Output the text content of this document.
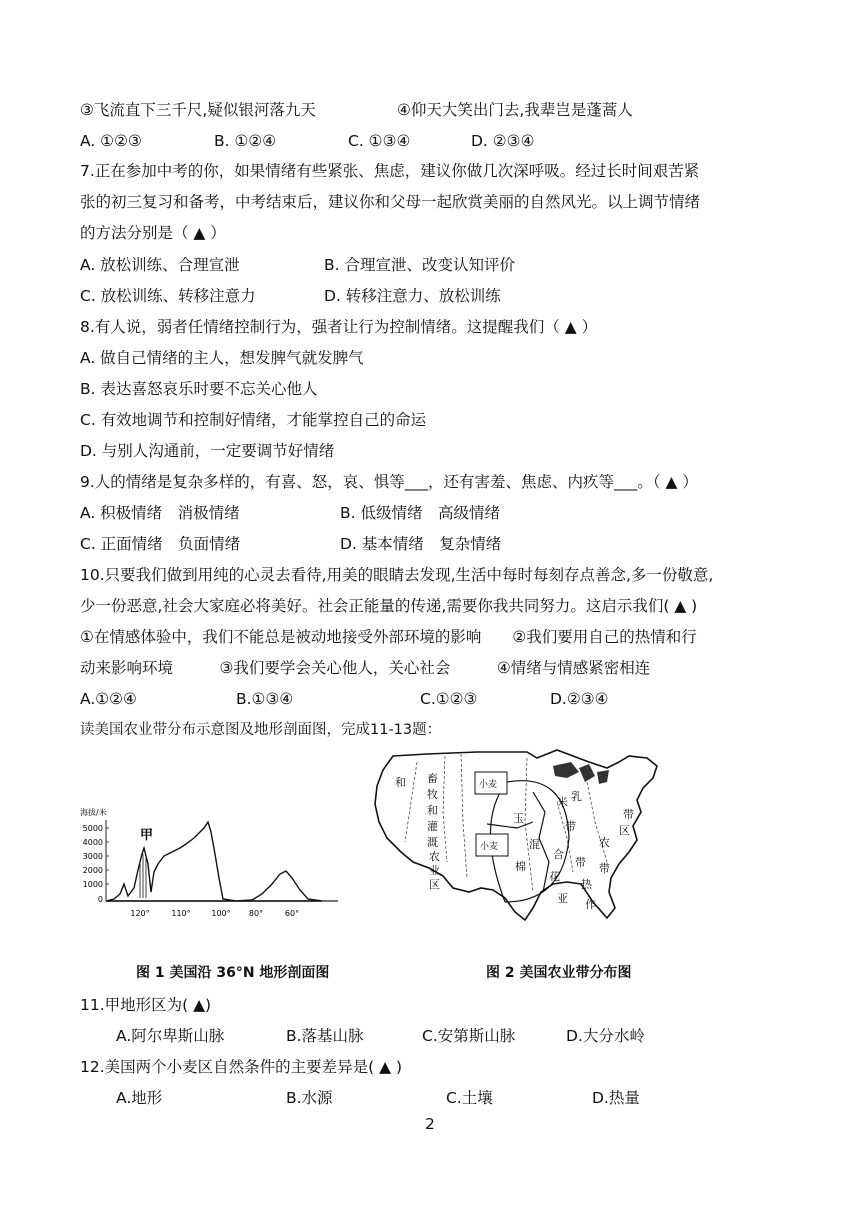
③飞流直下三千尺,疑似银河落九天	④仰天大笑出门去,我辈岂是蓬蒿人
A. ①②③	B. ①②④	C. ①③④	D. ②③④
7.正在参加中考的你，如果情绪有些紧张、焦虑，建议你做几次深呼吸。经过长时间艰苦紧
张的初三复习和备考，中考结束后，建议你和父母一起欣赏美丽的自然风光。以上调节情绪
的方法分别是（ ▲ ）
A. 放松训练、合理宣泄	B. 合理宣泄、改变认知评价
C. 放松训练、转移注意力	D. 转移注意力、放松训练
8.有人说，弱者任情绪控制行为，强者让行为控制情绪。这提醒我们（ ▲ ）
A. 做自己情绪的主人，想发脾气就发脾气
B. 表达喜怒哀乐时要不忘关心他人
C. 有效地调节和控制好情绪，才能掌控自己的命运
D. 与别人沟通前，一定要调节好情绪
9.人的情绪是复杂多样的，有喜、怒，哀、惧等___，还有害羞、焦虑、内疚等___。（ ▲ ）
A. 积极情绪　消极情绪	B. 低级情绪　高级情绪
C. 正面情绪　负面情绪	D. 基本情绪　复杂情绪
10.只要我们做到用纯的心灵去看待,用美的眼睛去发现,生活中每时每刻存点善念,多一份敬意,
少一份恶意,社会大家庭必将美好。社会正能量的传递,需要你我共同努力。这启示我们( ▲ )
①在情感体验中，我们不能总是被动地接受外部环境的影响　　②我们要用自己的热情和行
动来影响环境　　　③我们要学会关心他人，关心社会　　　④情绪与情感紧密相连
A.①②④	B.①③④	C.①②③	D.②③④
读美国农业带分布示意图及地形剖面图，完成11-13题：
海拔/米
5000
4000
3000
2000
1000
0
甲
120°	110°	100° 80°	60°
和 畜
牧
和
灌
溉
农
业
区
小麦
小麦
玉
米 乳
带
混
合
棉
花
带
亚
热
带
农
区
带
作
图 1 美国沿 36°N 地形剖面图	图 2 美国农业带分布图
11.甲地形区为( ▲)
A.阿尔卑斯山脉	B.落基山脉	C.安第斯山脉	D.大分水岭
12.美国两个小麦区自然条件的主要差异是( ▲ )
A.地形	B.水源	C.土壤	D.热量
2
